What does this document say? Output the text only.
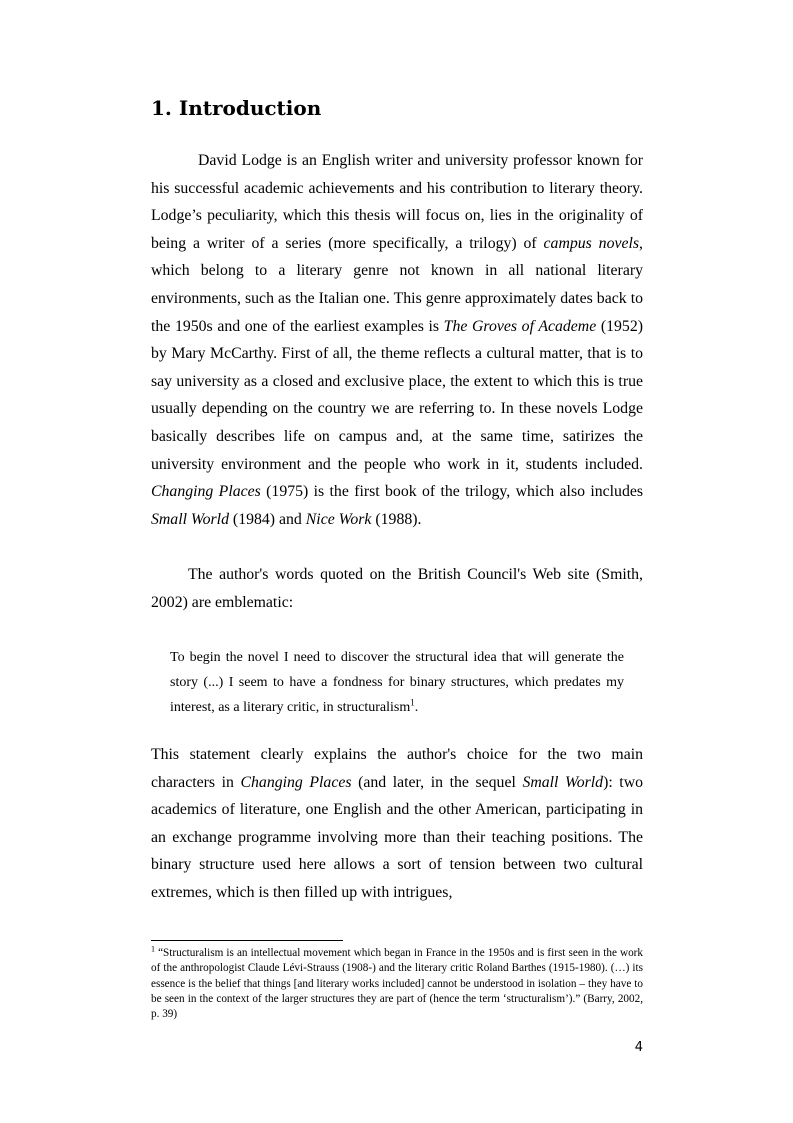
1. Introduction

David Lodge is an English writer and university professor known for his successful academic achievements and his contribution to literary theory. Lodge’s peculiarity, which this thesis will focus on, lies in the originality of being a writer of a series (more specifically, a trilogy) of campus novels, which belong to a literary genre not known in all national literary environments, such as the Italian one. This genre approximately dates back to the 1950s and one of the earliest examples is The Groves of Academe (1952) by Mary McCarthy. First of all, the theme reflects a cultural matter, that is to say university as a closed and exclusive place, the extent to which this is true usually depending on the country we are referring to. In these novels Lodge basically describes life on campus and, at the same time, satirizes the university environment and the people who work in it, students included. Changing Places (1975) is the first book of the trilogy, which also includes Small World (1984) and Nice Work (1988).

The author's words quoted on the British Council's Web site (Smith, 2002) are emblematic:

To begin the novel I need to discover the structural idea that will generate the story (...) I seem to have a fondness for binary structures, which predates my interest, as a literary critic, in structuralism$^1$.

This statement clearly explains the author's choice for the two main characters in Changing Places (and later, in the sequel Small World): two academics of literature, one English and the other American, participating in an exchange programme involving more than their teaching positions. The binary structure used here allows a sort of tension between two cultural extremes, which is then filled up with intrigues,

$^1$ “Structuralism is an intellectual movement which began in France in the 1950s and is first seen in the work of the anthropologist Claude Lévi-Strauss (1908-) and the literary critic Roland Barthes (1915-1980). (…) its essence is the belief that things [and literary works included] cannot be understood in isolation – they have to be seen in the context of the larger structures they are part of (hence the term ‘structuralism’).” (Barry, 2002, p. 39)

4
